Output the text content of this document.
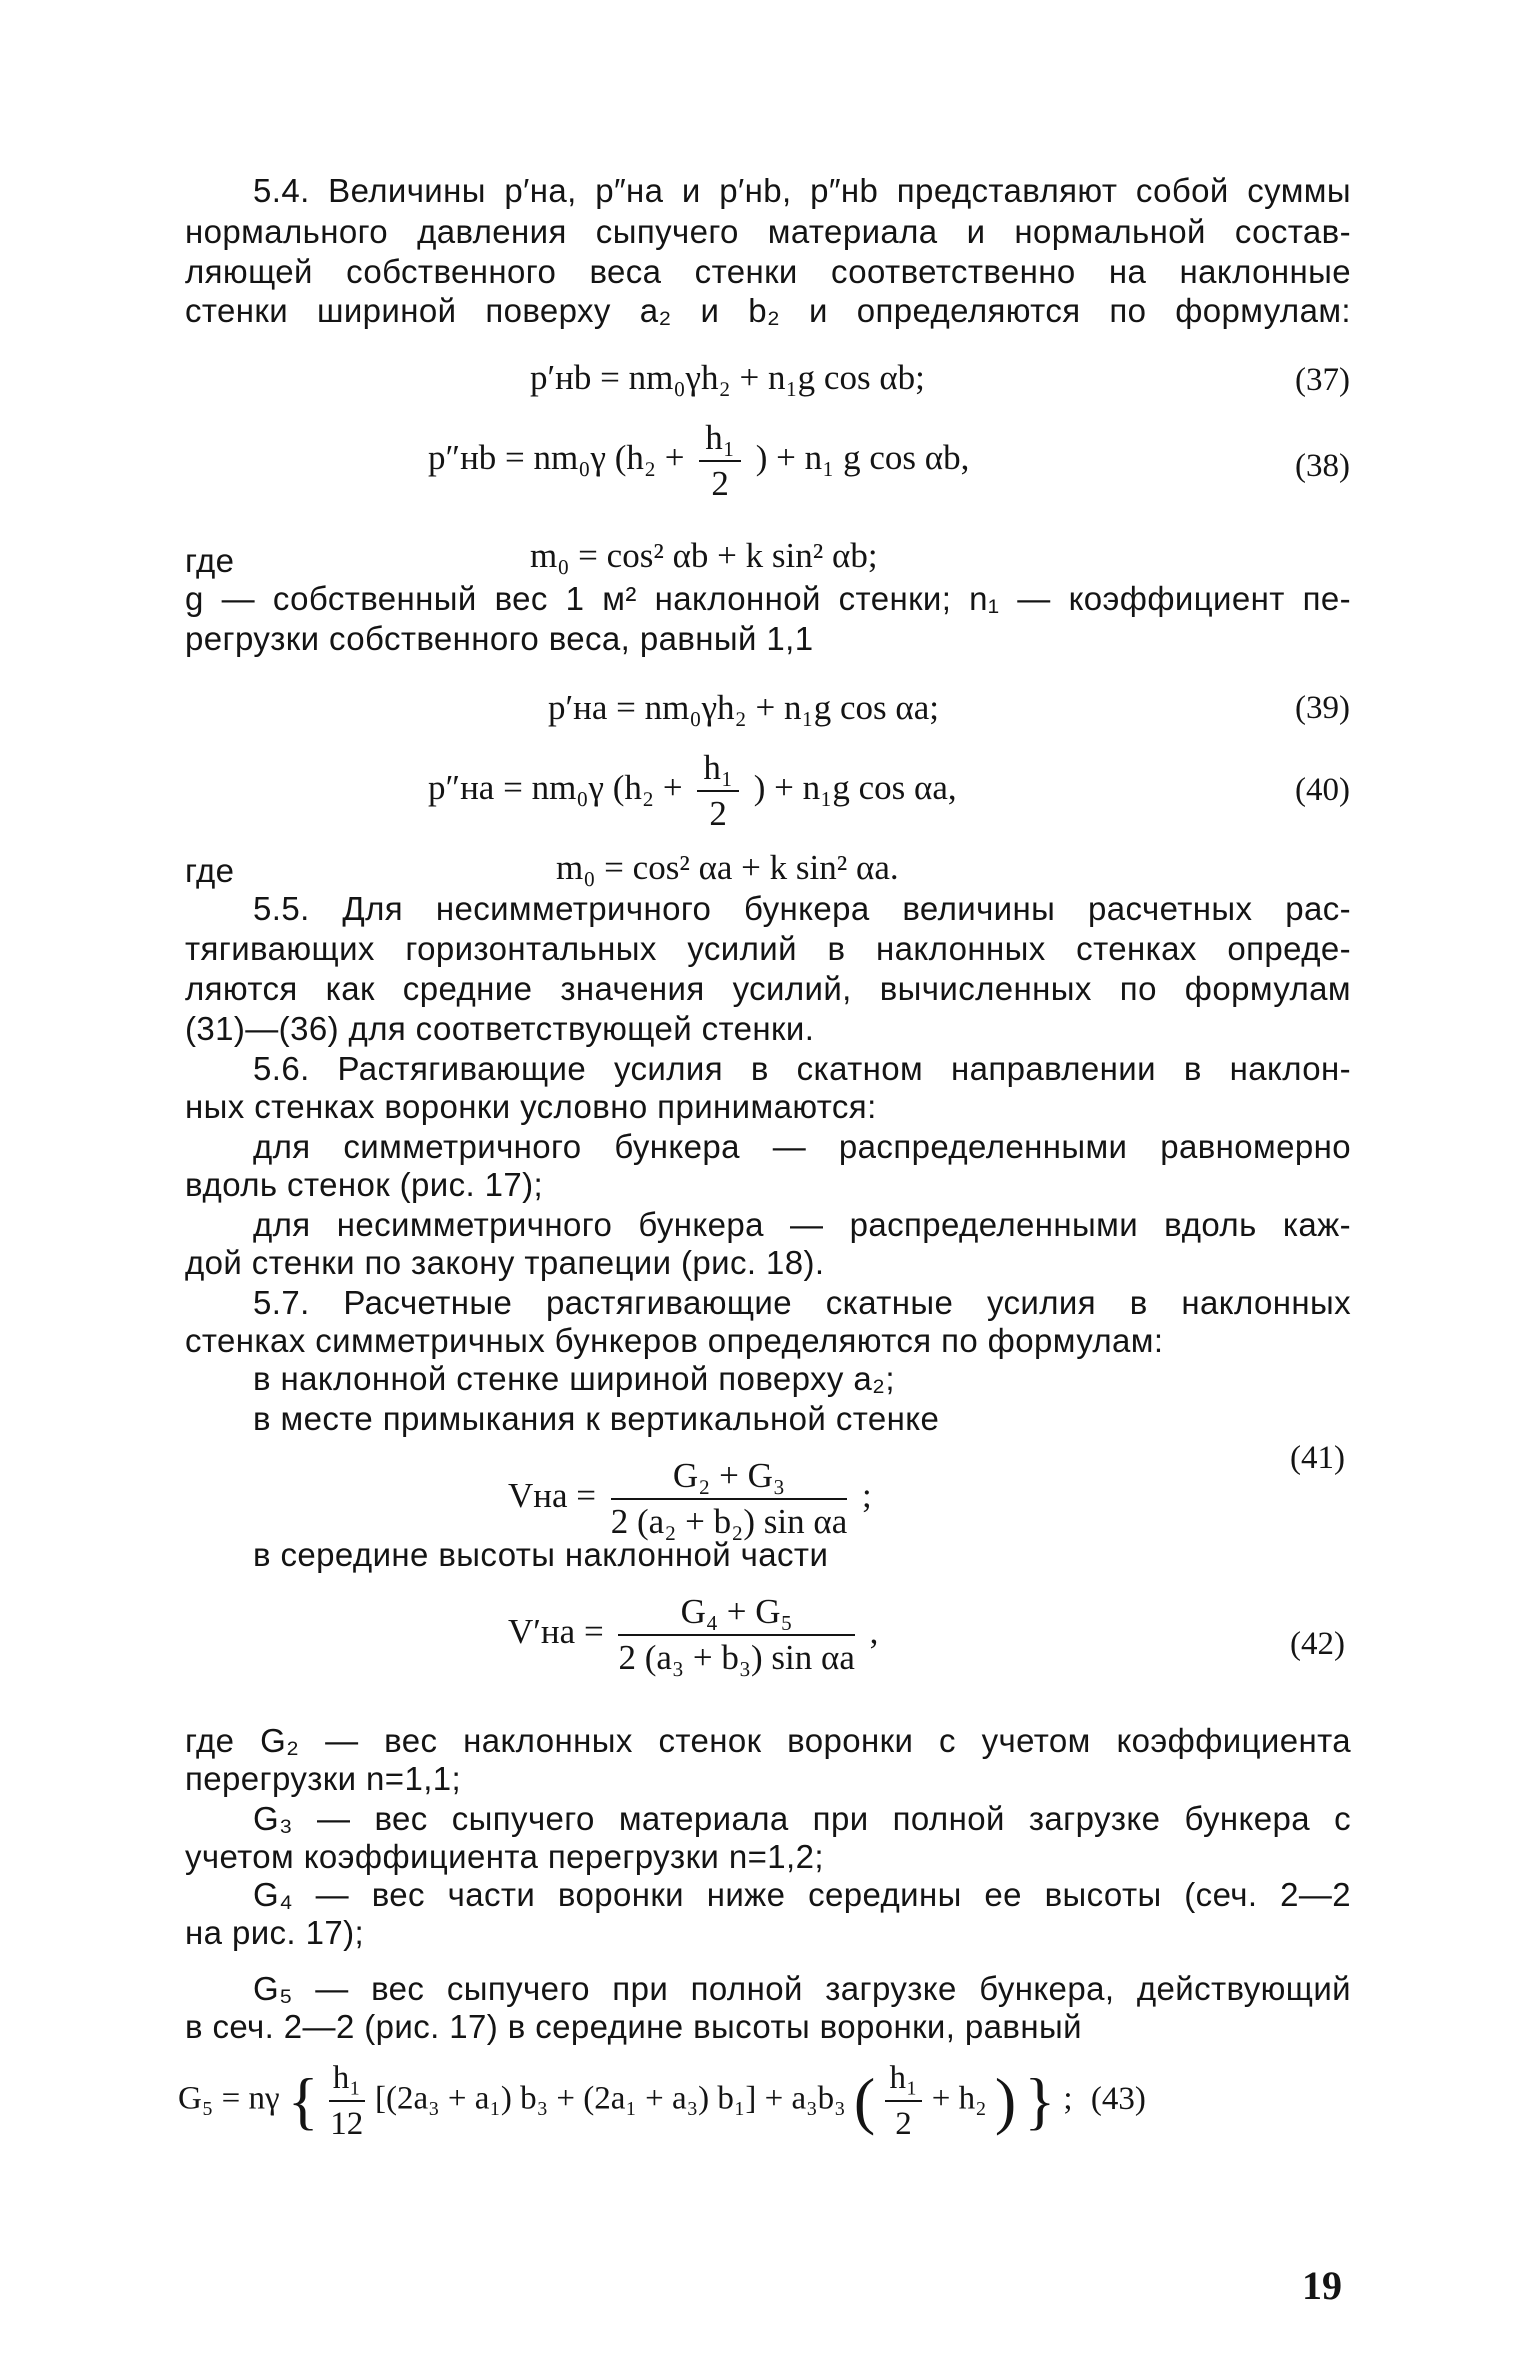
5.4. Величины p′на, p″на и p′нb, p″нb представляют собой суммы
нормального давления сыпучего материала и нормальной состав-
ляющей собственного веса стенки соответственно на наклонные
стенки шириной поверху a₂ и b₂ и определяются по формулам:
p′нb = nm₀γh₂ + n₁g cos αb;	(37)
p″нb = nm₀γ ($h_2 + \frac{\text{h₁}}{2}$ ) + n₁ g cos αb,	(38)
где	m₀ = cos² αb + k sin² αb;
g — собственный вес 1 м² наклонной стенки; n₁ — коэффициент пе-
регрузки собственного веса, равный 1,1
p′на = nm₀γh₂ + n₁g cos αa;	(39)
p″на = nm₀γ ($h_2 + \frac{\text{h₁}}{2}$ ) + n₁g cos αa,	(40)
где	m₀ = cos² αa + k sin² αa.
5.5. Для несимметричного бункера величины расчетных рас-
тягивающих горизонтальных усилий в наклонных стенках опреде-
ляются как средние значения усилий, вычисленных по формулам
(31)—(36) для соответствующей стенки.
5.6. Растягивающие усилия в скатном направлении в наклон-
ных стенках воронки условно принимаются:
для симметричного бункера — распределенными равномерно
вдоль стенок (рис. 17);
для несимметричного бункера — распределенными вдоль каж-
дой стенки по закону трапеции (рис. 18).
5.7. Расчетные растягивающие скатные усилия в наклонных
стенках симметричных бункеров определяются по формулам:
в наклонной стенке шириной поверху a₂;
в месте примыкания к вертикальной стенке
Vна = $\frac{\text{G₂ + G₃}}{\text{2 (a₂ + b₂) sin αa}}$ ;
(41)
в середине высоты наклонной части
$V'на = \frac{\text{G₄ + G₅}}{\text{2 (a₃ + b₃) sin αa}}$ ,	(42)
где G₂ — вес наклонных стенок воронки с учетом коэффициента
перегрузки n=1,1;
G₃ — вес сыпучего материала при полной загрузке бункера с
учетом коэффициента перегрузки n=1,2;
G₄ — вес части воронки ниже середины ее высоты (сеч. 2—2
на рис. 17);
G₅ — вес сыпучего при полной загрузке бункера, действующий
в сеч. 2—2 (рис. 17) в середине высоты воронки, равный
G₅ = nγ { $\frac{\text{h₁}}{12} [(2a_3 + a_1) b_3 + (2a_1 + a_3) b_1] + a_3b_3$ ( $\frac{\text{h₁}}{2} + h_2$ ) } ; (43)
19
